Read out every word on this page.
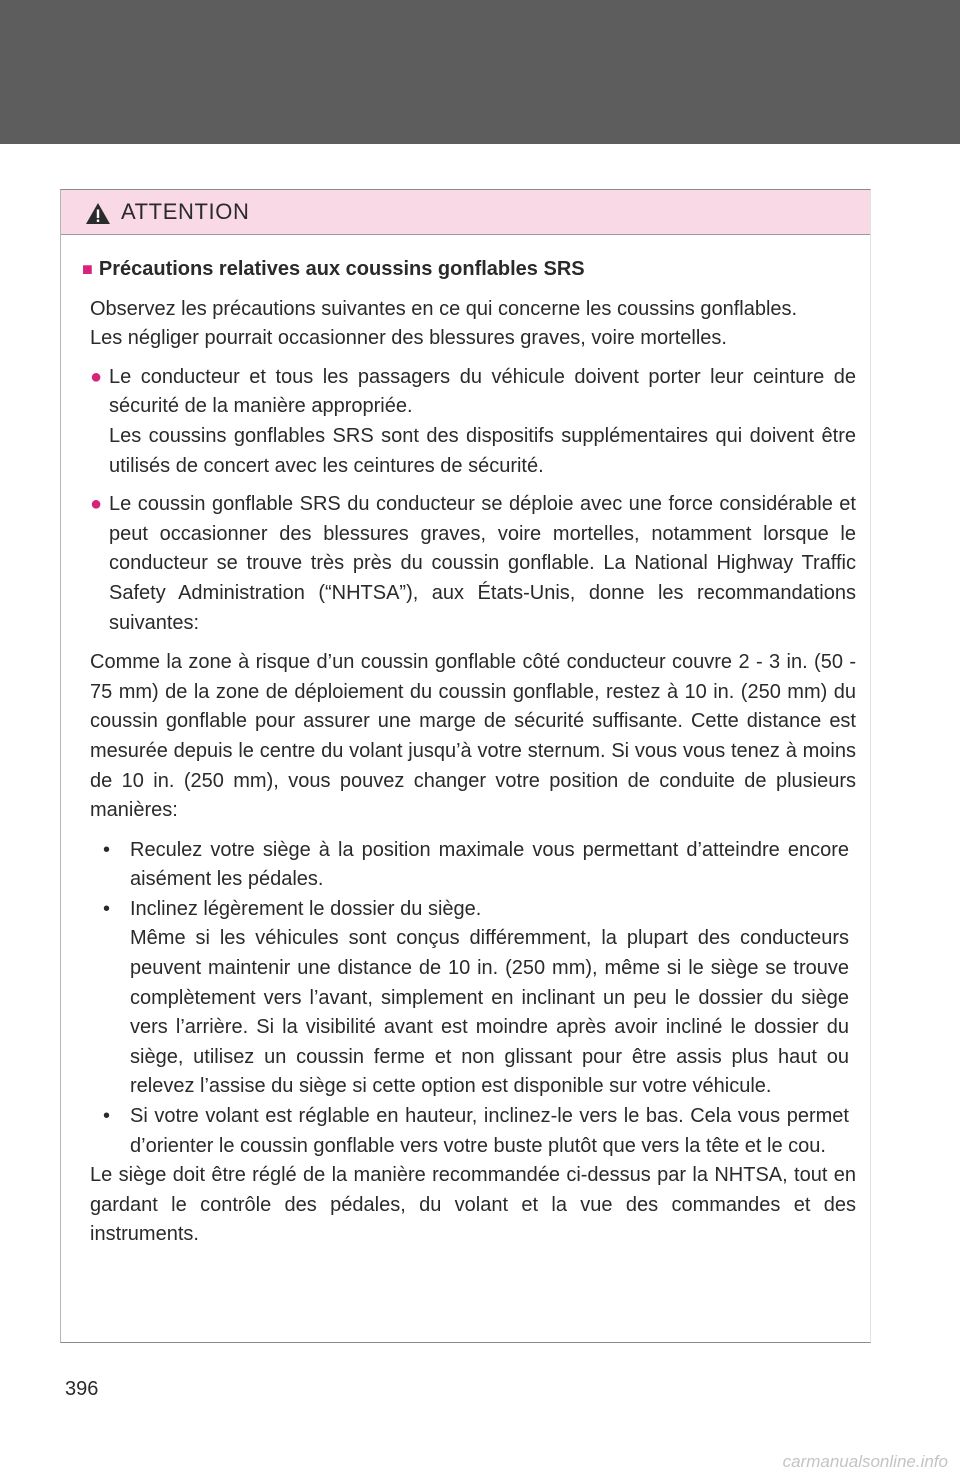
ATTENTION
■ Précautions relatives aux coussins gonflables SRS

Observez les précautions suivantes en ce qui concerne les coussins gonflables.

Les négliger pourrait occasionner des blessures graves, voire mortelles.

● Le conducteur et tous les passagers du véhicule doivent porter leur ceinture de sécurité de la manière appropriée.

Les coussins gonflables SRS sont des dispositifs supplémentaires qui doivent être utilisés de concert avec les ceintures de sécurité.

● Le coussin gonflable SRS du conducteur se déploie avec une force considérable et peut occasionner des blessures graves, voire mortelles, notamment lorsque le conducteur se trouve très près du coussin gonflable. La National Highway Traffic Safety Administration (“NHTSA”), aux États-Unis, donne les recommandations suivantes:

Comme la zone à risque d’un coussin gonflable côté conducteur couvre 2 - 3 in. (50 - 75 mm) de la zone de déploiement du coussin gonflable, restez à 10 in. (250 mm) du coussin gonflable pour assurer une marge de sécurité suffisante. Cette distance est mesurée depuis le centre du volant jusqu’à votre sternum. Si vous vous tenez à moins de 10 in. (250 mm), vous pouvez changer votre position de conduite de plusieurs manières:

• Reculez votre siège à la position maximale vous permettant d’atteindre encore aisément les pédales.

• Inclinez légèrement le dossier du siège.

Même si les véhicules sont conçus différemment, la plupart des conducteurs peuvent maintenir une distance de 10 in. (250 mm), même si le siège se trouve complètement vers l’avant, simplement en inclinant un peu le dossier du siège vers l’arrière. Si la visibilité avant est moindre après avoir incliné le dossier du siège, utilisez un coussin ferme et non glissant pour être assis plus haut ou relevez l’assise du siège si cette option est disponible sur votre véhicule.

• Si votre volant est réglable en hauteur, inclinez-le vers le bas. Cela vous permet d’orienter le coussin gonflable vers votre buste plutôt que vers la tête et le cou.

Le siège doit être réglé de la manière recommandée ci-dessus par la NHTSA, tout en gardant le contrôle des pédales, du volant et la vue des commandes et des instruments.

396
carmanualsonline.info
